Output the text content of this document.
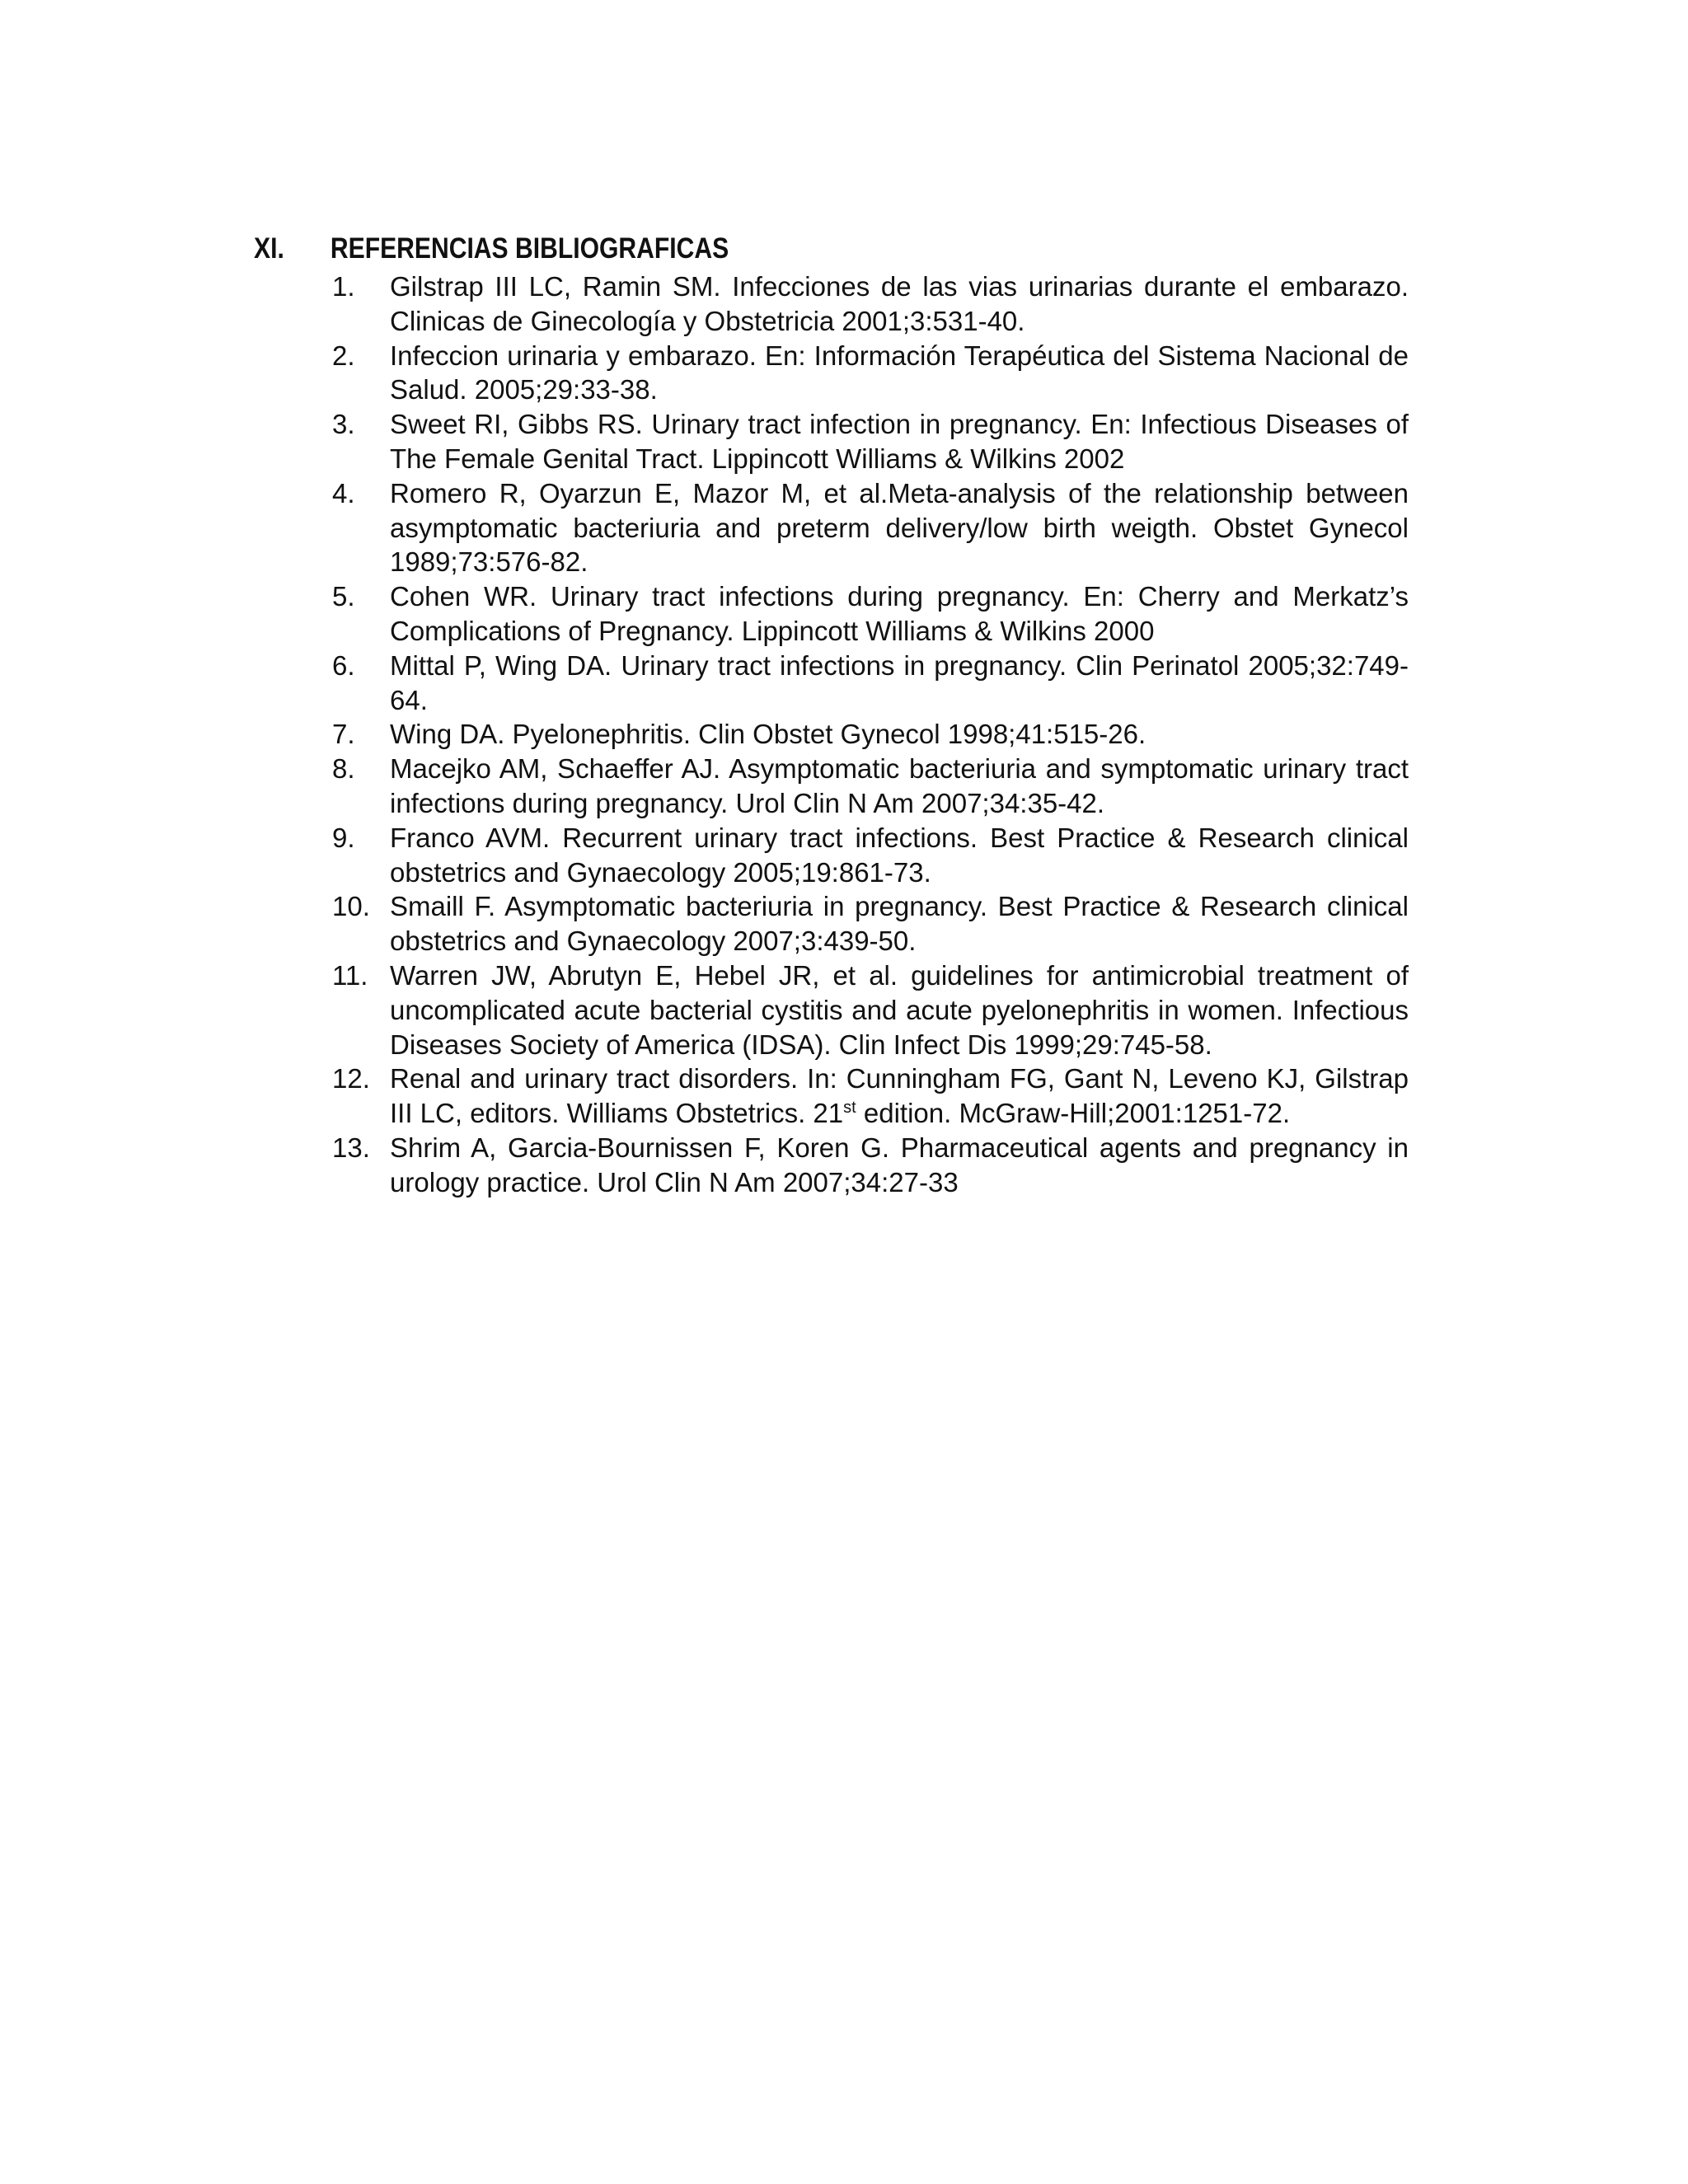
XI. REFERENCIAS BIBLIOGRAFICAS
1. Gilstrap III LC, Ramin SM. Infecciones de las vias urinarias durante el embarazo. Clinicas de Ginecología y Obstetricia 2001;3:531-40.
2. Infeccion urinaria y embarazo. En: Información Terapéutica del Sistema Nacional de Salud. 2005;29:33-38.
3. Sweet RI, Gibbs RS. Urinary tract infection in pregnancy. En: Infectious Diseases of The Female Genital Tract. Lippincott Williams & Wilkins 2002
4. Romero R, Oyarzun E, Mazor M, et al.Meta-analysis of the relationship between asymptomatic bacteriuria and preterm delivery/low birth weigth. Obstet Gynecol 1989;73:576-82.
5. Cohen WR. Urinary tract infections during pregnancy. En: Cherry and Merkatz’s Complications of Pregnancy. Lippincott Williams & Wilkins 2000
6. Mittal P, Wing DA. Urinary tract infections in pregnancy. Clin Perinatol 2005;32:749-64.
7. Wing DA. Pyelonephritis. Clin Obstet Gynecol 1998;41:515-26.
8. Macejko AM, Schaeffer AJ. Asymptomatic bacteriuria and symptomatic urinary tract infections during pregnancy. Urol Clin N Am 2007;34:35-42.
9. Franco AVM. Recurrent urinary tract infections. Best Practice & Research clinical obstetrics and Gynaecology 2005;19:861-73.
10. Smaill F. Asymptomatic bacteriuria in pregnancy. Best Practice & Research clinical obstetrics and Gynaecology 2007;3:439-50.
11. Warren JW, Abrutyn E, Hebel JR, et al. guidelines for antimicrobial treatment of uncomplicated acute bacterial cystitis and acute pyelonephritis in women. Infectious Diseases Society of America (IDSA). Clin Infect Dis 1999;29:745-58.
12. Renal and urinary tract disorders. In: Cunningham FG, Gant N, Leveno KJ, Gilstrap III LC, editors. Williams Obstetrics. 21st edition. McGraw-Hill;2001:1251-72.
13. Shrim A, Garcia-Bournissen F, Koren G. Pharmaceutical agents and pregnancy in urology practice. Urol Clin N Am 2007;34:27-33
